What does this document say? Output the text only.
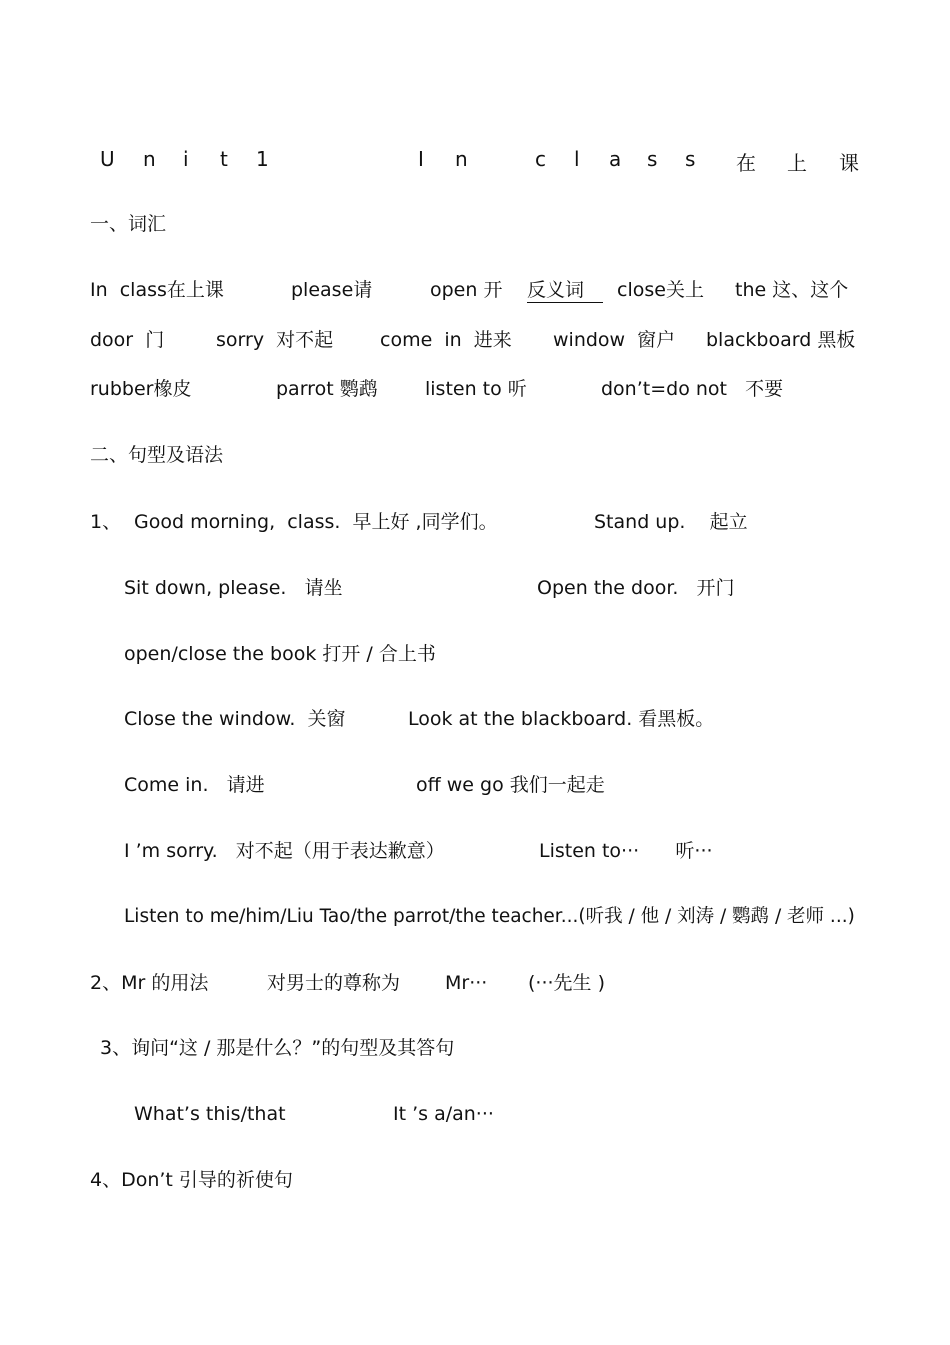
U n i t 1	I n	c l a s s 在 上 课
一、词汇
In  class在上课	please请	open 开 反义词	close关上 the 这、这个
door  门	sorry  对不起 come  in  进来 window  窗户 blackboard 黑板
rubber橡皮	parrot 鹦鹉 listen to 听	don’t=do not   不要
二、句型及语法
1、 Good morning,  class.  早上好 ,同学们。	Stand up.    起立
Sit down, please.   请坐	Open the door.   开门
open/close the book 打开 / 合上书
Close the window.  关窗	Look at the blackboard. 看黑板。
Come in.   请进	off we go 我们一起走
I ’m sorry.   对不起（用于表达歉意）	Listen to···      听···
Listen to me/him/Liu Tao/the parrot/the teacher...(听我 / 他 / 刘涛 / 鹦鹉 / 老师 ...)
2、Mr 的用法	对男士的尊称为 Mr··· (···先生 )
3、询问“这 / 那是什么？”的句型及其答句
What’s this/that	It ’s a/an···
4、Don’t 引导的祈使句
